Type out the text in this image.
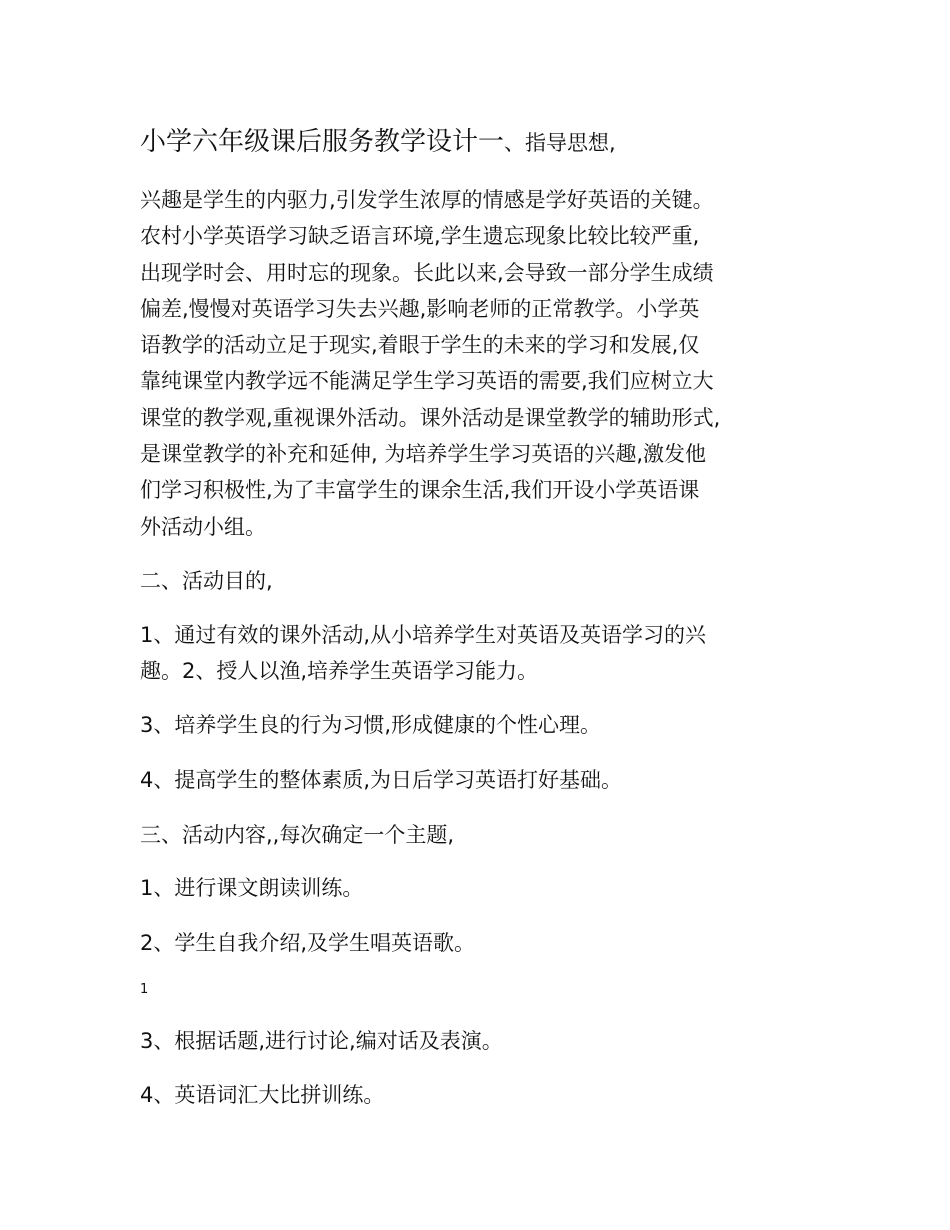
小学六年级课后服务教学设计一、指导思想,
兴趣是学生的内驱力,引发学生浓厚的情感是学好英语的关键。
农村小学英语学习缺乏语言环境,学生遗忘现象比较比较严重,
出现学时会、用时忘的现象。长此以来,会导致一部分学生成绩
偏差,慢慢对英语学习失去兴趣,影响老师的正常教学。小学英
语教学的活动立足于现实,着眼于学生的未来的学习和发展,仅
靠纯课堂内教学远不能满足学生学习英语的需要,我们应树立大
课堂的教学观,重视课外活动。课外活动是课堂教学的辅助形式,
是课堂教学的补充和延伸, 为培养学生学习英语的兴趣,激发他
们学习积极性,为了丰富学生的课余生活,我们开设小学英语课
外活动小组。
二、活动目的,
1、通过有效的课外活动,从小培养学生对英语及英语学习的兴
趣。2、授人以渔,培养学生英语学习能力。
3、培养学生良的行为习惯,形成健康的个性心理。
4、提高学生的整体素质,为日后学习英语打好基础。
三、活动内容,,每次确定一个主题,
1、进行课文朗读训练。
2、学生自我介绍,及学生唱英语歌。
1
3、根据话题,进行讨论,编对话及表演。
4、英语词汇大比拼训练。
